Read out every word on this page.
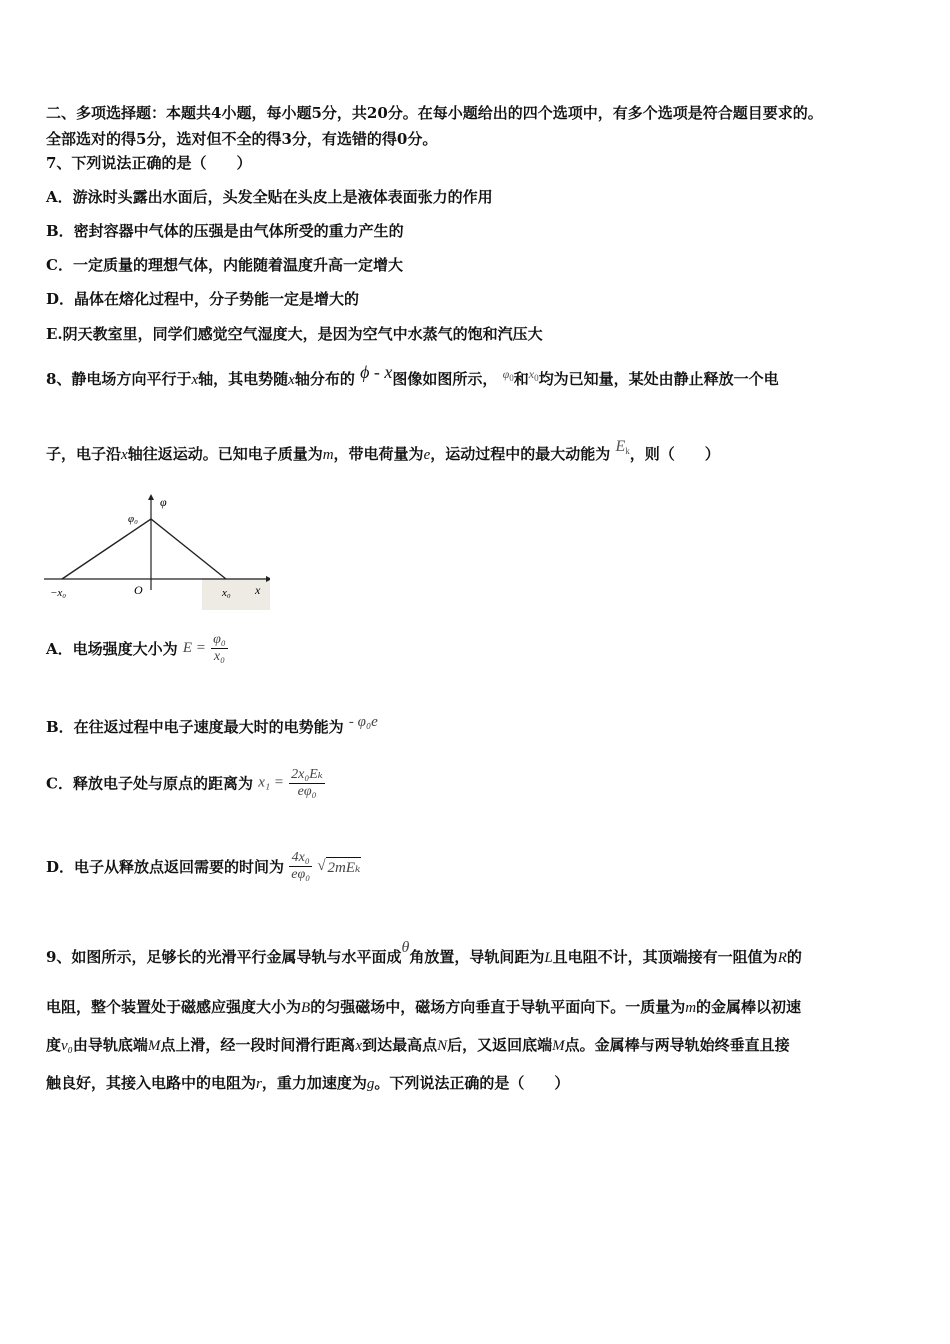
二、多项选择题：本题共4小题，每小题5分，共20分。在每小题给出的四个选项中，有多个选项是符合题目要求的。
全部选对的得5分，选对但不全的得3分，有选错的得0分。
7、下列说法正确的是（　　）
A．游泳时头露出水面后，头发全贴在头皮上是液体表面张力的作用
B．密封容器中气体的压强是由气体所受的重力产生的
C．一定质量的理想气体，内能随着温度升高一定增大
D．晶体在熔化过程中，分子势能一定是增大的
E.阴天教室里，同学们感觉空气湿度大，是因为空气中水蒸气的饱和汽压大
8、静电场方向平行于x轴，其电势随x轴分布的 ϕ - x图像如图所示， $^{\varphi_0}$和$^{x_0}$均为已知量，某处由静止释放一个电
子，电子沿x轴往返运动。已知电子质量为m，带电荷量为e，运动过程中的最大动能为 $E_k$，则（　　）
φ
φ₀
O
−x₀	x₀ x
A．电场强度大小为 $E = \frac{\text{φ₀}}{\text{x₀}}$
B．在往返过程中电子速度最大时的电势能为 - φ₀e
C．释放电子处与原点的距离为 $x_1 = \frac{\text{2x₀Eₖ}}{\text{eφ₀}}$
D．电子从释放点返回需要的时间为 $\frac{\text{4x₀}}{\text{eφ₀}}$ √ 2mEₖ
9、如图所示，足够长的光滑平行金属导轨与水平面成θ角放置，导轨间距为L且电阻不计，其顶端接有一阻值为R的
电阻，整个装置处于磁感应强度大小为B的匀强磁场中，磁场方向垂直于导轨平面向下。一质量为m的金属棒以初速
度v₀由导轨底端M点上滑，经一段时间滑行距离x到达最高点N后，又返回底端M点。金属棒与两导轨始终垂直且接
触良好，其接入电路中的电阻为r，重力加速度为g。下列说法正确的是（　　）
